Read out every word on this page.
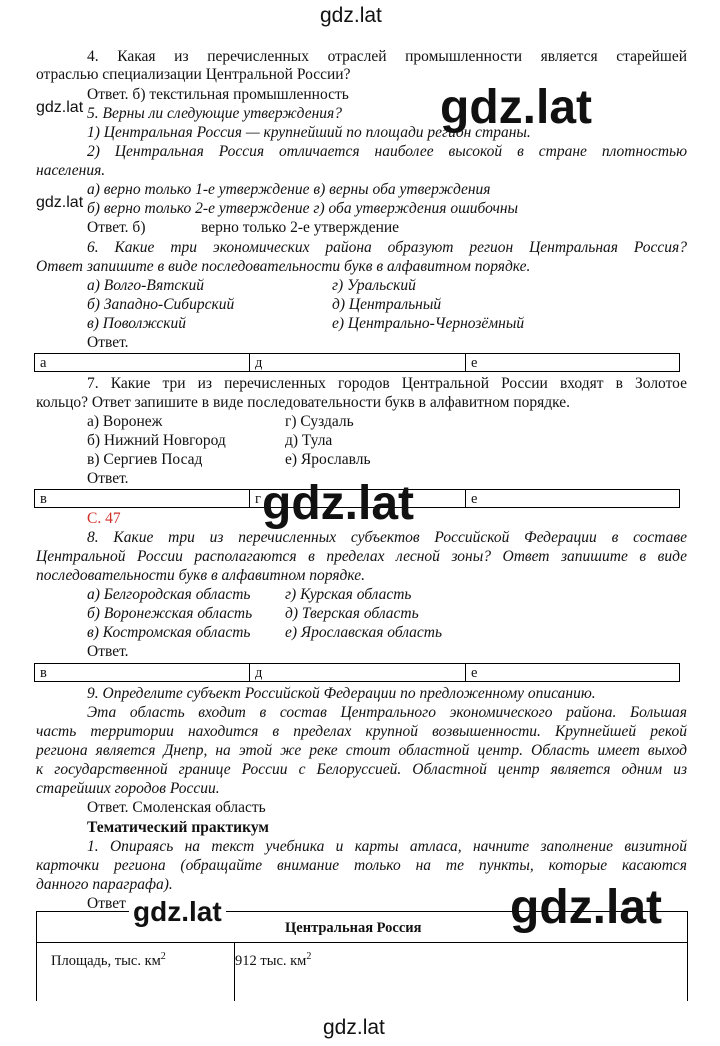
gdz.lat
gdz.lat
4. Какая из перечисленных отраслей промышленности является старейшей
отраслью специализации Центральной России?
gdz.lat
Ответ. б) текстильная промышленность
5. Верны ли следующие утверждения? gdz.lat
1) Центральная Россия — крупнейший по площади регион страны.
2) Центральная Россия отличается наиболее высокой в стране плотностью
населения.
а) верно только 1-е утверждение в) верны оба утверждения
gdz.lat б) верно только 2-е утверждение г) оба утверждения ошибочны
Ответ. б)	верно только 2-е утверждение
6. Какие три экономических района образуют регион Центральная Россия?
Ответ запишите в виде последовательности букв в алфавитном порядке.
а) Волго-Вятский	г) Уральский
б) Западно-Сибирский	д) Центральный
в) Поволжский	е) Центрально-Чернозёмный
Ответ.
а	д	е
7. Какие три из перечисленных городов Центральной России входят в Золотое
кольцо? Ответ запишите в виде последовательности букв в алфавитном порядке.
а) Воронеж	г) Суздаль
б) Нижний Новгород	д) Тула
в) Сергиев Посад	е) Ярославль
Ответ.
в	г	е
gdz.lat
С. 47
8. Какие три из перечисленных субъектов Российской Федерации в составе
Центральной России располагаются в пределах лесной зоны? Ответ запишите в виде
последовательности букв в алфавитном порядке.
а) Белгородская область г) Курская область
б) Воронежская область д) Тверская область
в) Костромская область е) Ярославская область
Ответ.
в	д	е
9. Определите субъект Российской Федерации по предложенному описанию.
Эта область входит в состав Центрального экономического района. Большая
часть территории находится в пределах крупной возвышенности. Крупнейшей рекой
региона является Днепр, на этой же реке стоит областной центр. Область имеет выход
к государственной границе России с Белоруссией. Областной центр является одним из
старейших городов России.
Ответ. Смоленская область
Тематический практикум
1. Опираясь на текст учебника и карты атласа, начните заполнение визитной
карточки региона (обращайте внимание только на те пункты, которые касаются
данного параграфа).
Ответ
Центральная Россия
Площадь, тыс. $км^2$	912 тыс. $км^2$
gdz.lat	gdz.lat
